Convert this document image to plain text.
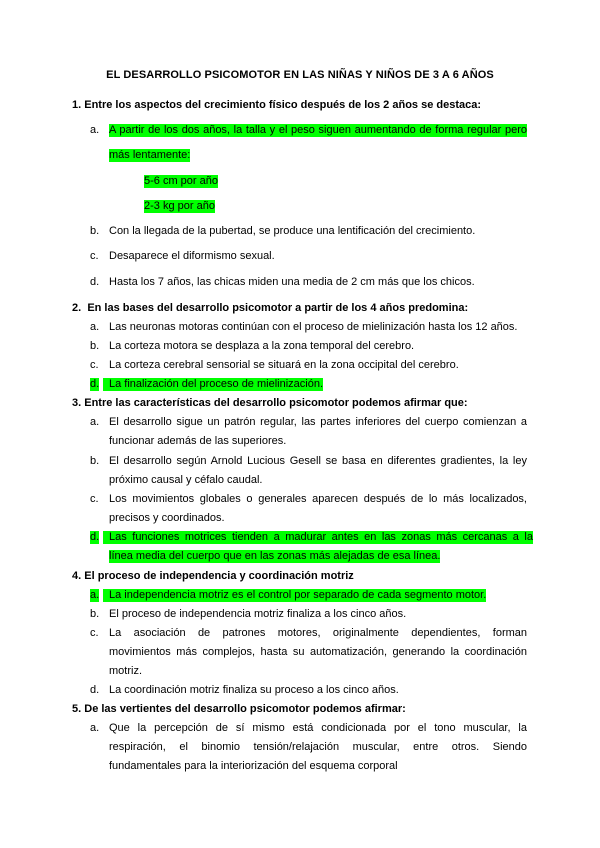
EL DESARROLLO PSICOMOTOR EN LAS NIÑAS Y NIÑOS DE 3 A 6 AÑOS
1. Entre los aspectos del crecimiento físico después de los 2 años se destaca:
a. A partir de los dos años, la talla y el peso siguen aumentando de forma regular pero
más lentamente:
5-6 cm por año
2-3 kg por año
b. Con la llegada de la pubertad, se produce una lentificación del crecimiento.
c. Desaparece el diformismo sexual.
d. Hasta los 7 años, las chicas miden una media de 2 cm más que los chicos.
2. En las bases del desarrollo psicomotor a partir de los 4 años predomina:
a. Las neuronas motoras continúan con el proceso de mielinización hasta los 12 años.
b. La corteza motora se desplaza a la zona temporal del cerebro.
c. La corteza cerebral sensorial se situará en la zona occipital del cerebro.
d. La finalización del proceso de mielinización.
3. Entre las características del desarrollo psicomotor podemos afirmar que:
a. El desarrollo sigue un patrón regular, las partes inferiores del cuerpo comienzan a
funcionar además de las superiores.
b. El desarrollo según Arnold Lucious Gesell se basa en diferentes gradientes, la ley
próximo causal y céfalo caudal.
c. Los movimientos globales o generales aparecen después de lo más localizados,
precisos y coordinados.
d. Las funciones motrices tienden a madurar antes en las zonas más cercanas a la
línea media del cuerpo que en las zonas más alejadas de esa línea.
4. El proceso de independencia y coordinación motriz
a. La independencia motriz es el control por separado de cada segmento motor.
b. El proceso de independencia motriz finaliza a los cinco años.
c. La asociación de patrones motores, originalmente dependientes, forman
movimientos más complejos, hasta su automatización, generando la coordinación
motriz.
d. La coordinación motriz finaliza su proceso a los cinco años.
5. De las vertientes del desarrollo psicomotor podemos afirmar:
a. Que la percepción de sí mismo está condicionada por el tono muscular, la
respiración, el binomio tensión/relajación muscular, entre otros. Siendo
fundamentales para la interiorización del esquema corporal
